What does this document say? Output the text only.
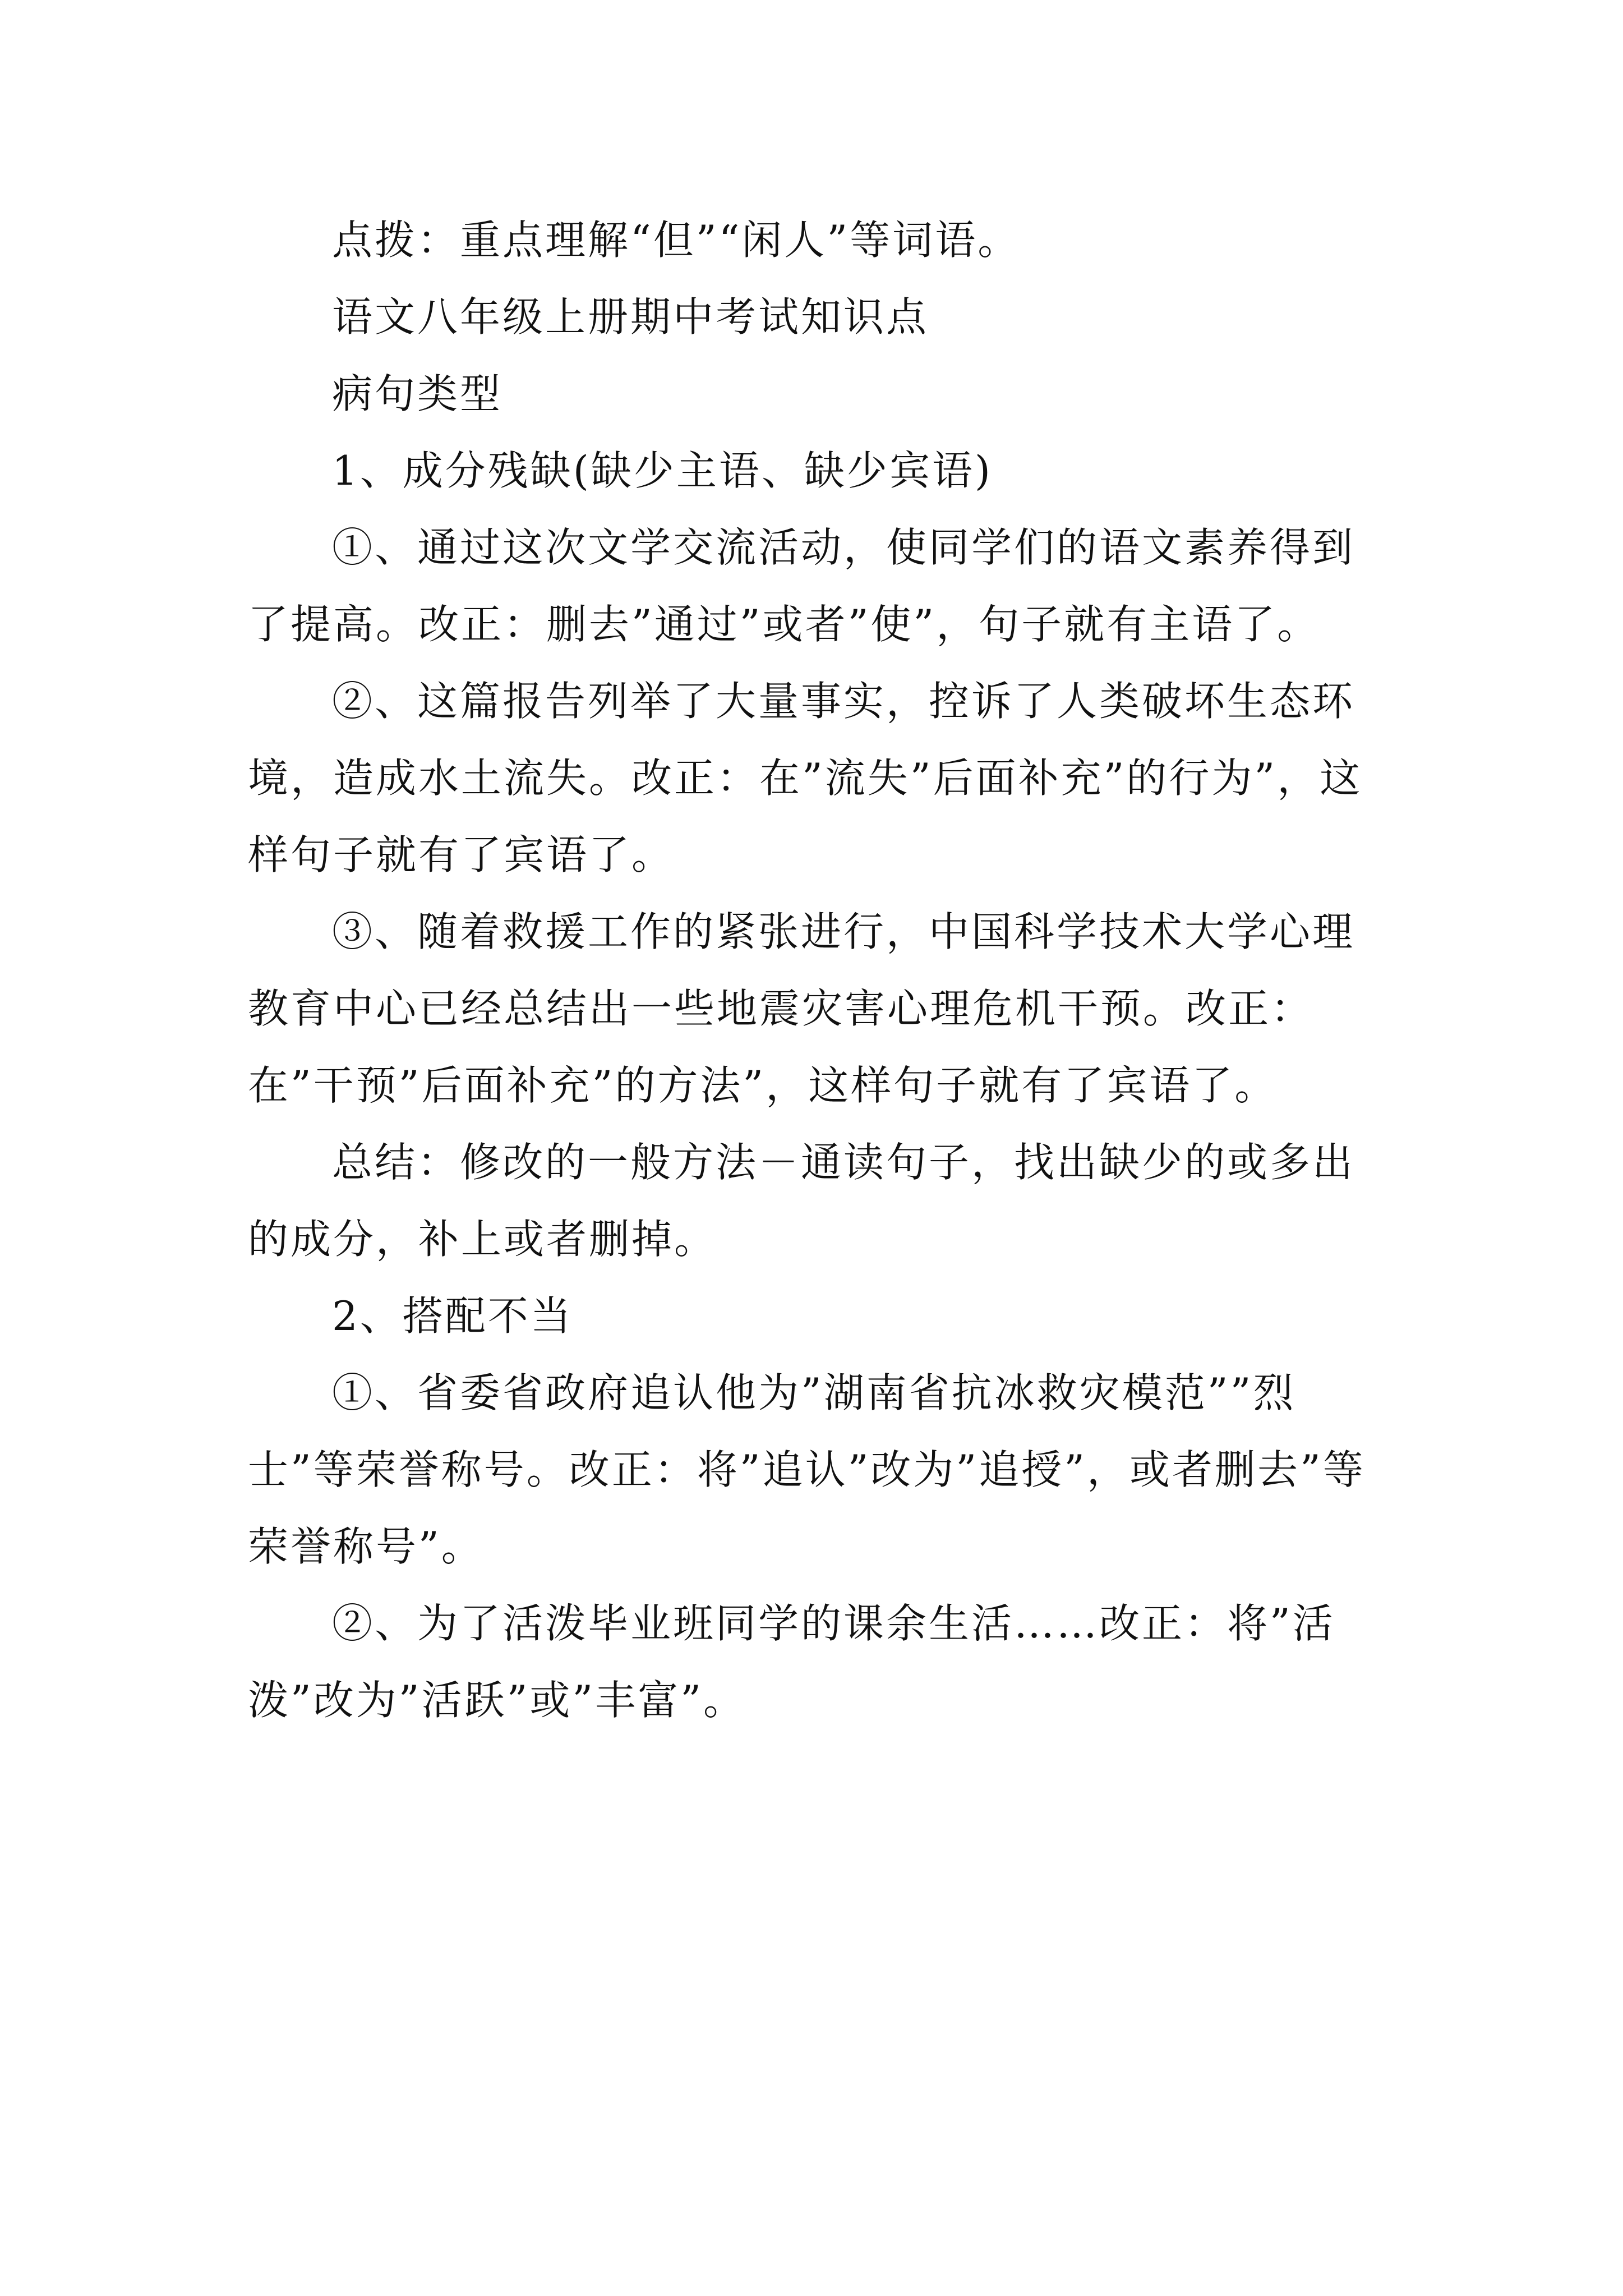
点拨：重点理解“但”“闲人”等词语。

语文八年级上册期中考试知识点

病句类型

1、成分残缺(缺少主语、缺少宾语)

①、通过这次文学交流活动，使同学们的语文素养得到了提高。改正：删去”通过”或者”使”，句子就有主语了。

②、这篇报告列举了大量事实，控诉了人类破坏生态环境，造成水土流失。改正：在”流失”后面补充”的行为”，这样句子就有了宾语了。

③、随着救援工作的紧张进行，中国科学技术大学心理教育中心已经总结出一些地震灾害心理危机干预。改正：在”干预”后面补充”的方法”，这样句子就有了宾语了。

总结：修改的一般方法－通读句子，找出缺少的或多出的成分，补上或者删掉。

2、搭配不当

①、省委省政府追认他为”湖南省抗冰救灾模范””烈士”等荣誉称号。改正：将”追认”改为”追授”，或者删去”等荣誉称号”。

②、为了活泼毕业班同学的课余生活……改正：将”活泼”改为”活跃”或”丰富”。
